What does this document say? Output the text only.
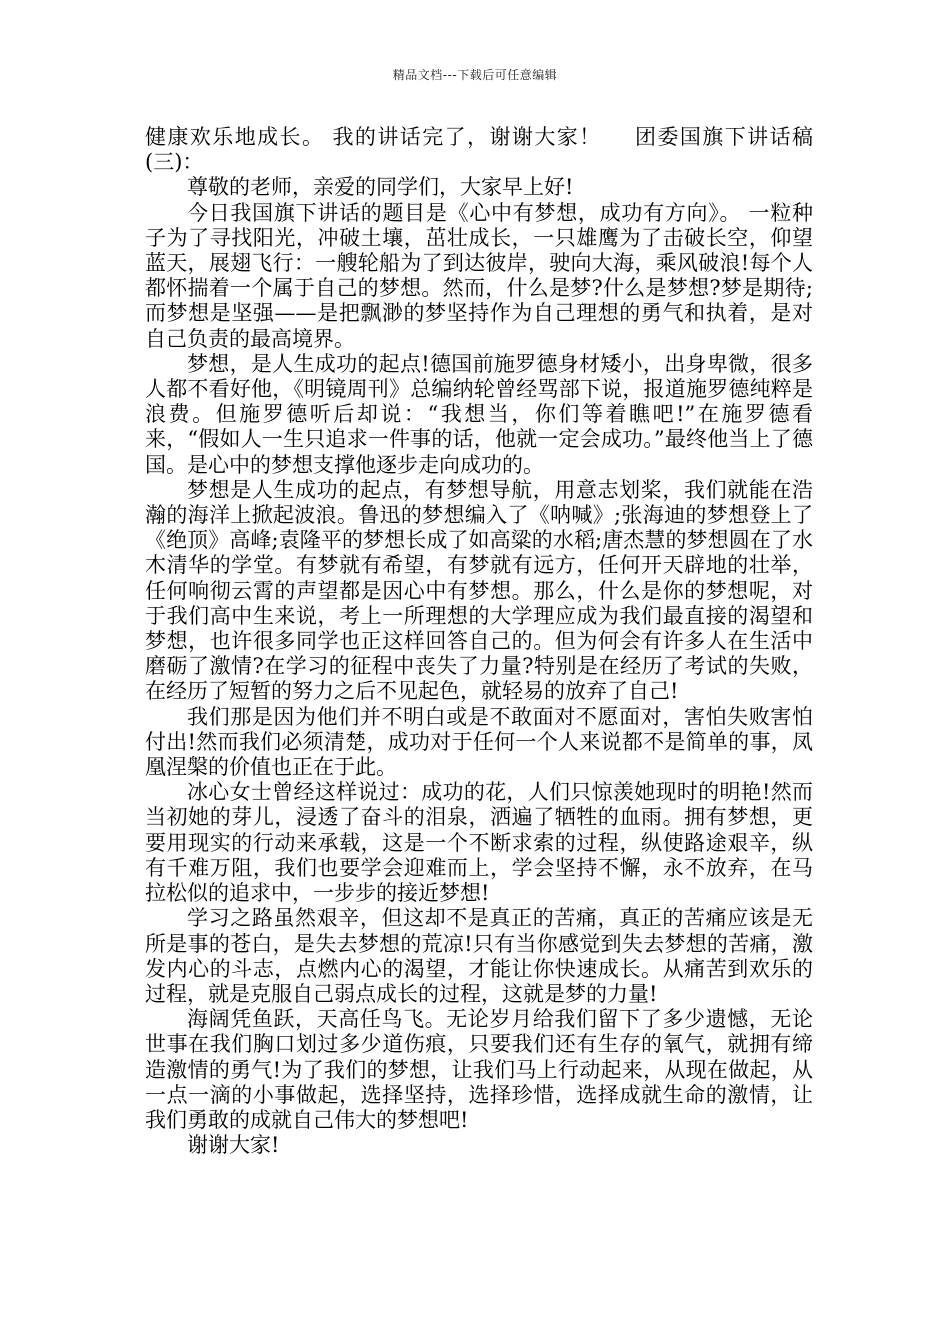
精品文档---下载后可任意编辑

健康欢乐地成长。 我的讲话完了，谢谢大家！ 团委国旗下讲话稿(三)：

尊敬的老师，亲爱的同学们，大家早上好!

今日我国旗下讲话的题目是《心中有梦想，成功有方向》。 一粒种子为了寻找阳光，冲破土壤，茁壮成长，一只雄鹰为了击破长空，仰望蓝天，展翅飞行：一艘轮船为了到达彼岸，驶向大海，乘风破浪!每个人都怀揣着一个属于自己的梦想。然而，什么是梦?什么是梦想?梦是期待;而梦想是坚强——是把飘渺的梦坚持作为自己理想的勇气和执着，是对自己负责的最高境界。

梦想，是人生成功的起点!德国前施罗德身材矮小，出身卑微，很多人都不看好他，《明镜周刊》总编纳轮曾经骂部下说，报道施罗德纯粹是浪费。但施罗德听后却说：“我想当，你们等着瞧吧!”在施罗德看来，“假如人一生只追求一件事的话，他就一定会成功。”最终他当上了德国。是心中的梦想支撑他逐步走向成功的。

梦想是人生成功的起点，有梦想导航，用意志划桨，我们就能在浩瀚的海洋上掀起波浪。鲁迅的梦想编入了《呐喊》;张海迪的梦想登上了《绝顶》高峰;袁隆平的梦想长成了如高粱的水稻;唐杰慧的梦想圆在了水木清华的学堂。有梦就有希望，有梦就有远方，任何开天辟地的壮举，任何响彻云霄的声望都是因心中有梦想。那么，什么是你的梦想呢，对于我们高中生来说，考上一所理想的大学理应成为我们最直接的渴望和梦想，也许很多同学也正这样回答自己的。但为何会有许多人在生活中磨砺了激情?在学习的征程中丧失了力量?特别是在经历了考试的失败，在经历了短暂的努力之后不见起色，就轻易的放弃了自己!

我们那是因为他们并不明白或是不敢面对不愿面对，害怕失败害怕付出!然而我们必须清楚，成功对于任何一个人来说都不是简单的事，凤凰涅槃的价值也正在于此。

冰心女士曾经这样说过：成功的花，人们只惊羡她现时的明艳!然而当初她的芽儿，浸透了奋斗的泪泉，洒遍了牺牲的血雨。拥有梦想，更要用现实的行动来承载，这是一个不断求索的过程，纵使路途艰辛，纵有千难万阻，我们也要学会迎难而上，学会坚持不懈，永不放弃，在马拉松似的追求中，一步步的接近梦想!

学习之路虽然艰辛，但这却不是真正的苦痛，真正的苦痛应该是无所是事的苍白，是失去梦想的荒凉!只有当你感觉到失去梦想的苦痛，激发内心的斗志，点燃内心的渴望，才能让你快速成长。从痛苦到欢乐的过程，就是克服自己弱点成长的过程，这就是梦的力量!

海阔凭鱼跃，天高任鸟飞。无论岁月给我们留下了多少遗憾，无论世事在我们胸口划过多少道伤痕，只要我们还有生存的氧气，就拥有缔造激情的勇气!为了我们的梦想，让我们马上行动起来，从现在做起，从一点一滴的小事做起，选择坚持，选择珍惜，选择成就生命的激情，让我们勇敢的成就自己伟大的梦想吧!

谢谢大家!
